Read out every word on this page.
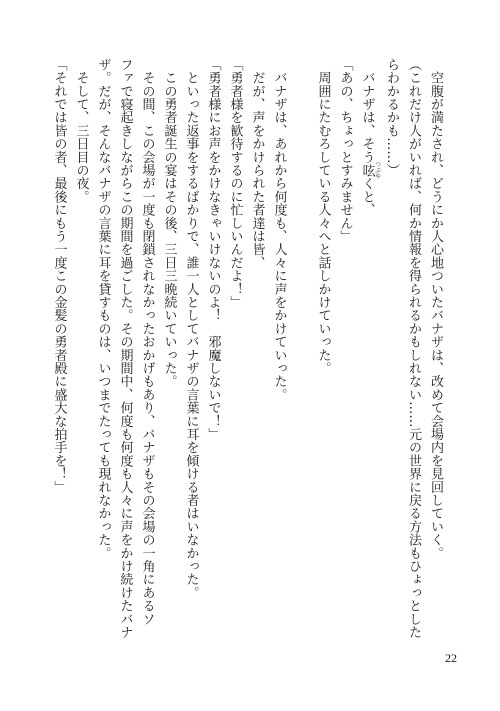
　空腹が満たされ、どうにか人心地ついたバナザは、改めて会場内を見回していく。
（これだけ人がいれば、何か情報を得られるかもしれない……元の世界に戻る方法もひょっとした
らわかるかも……）
　バナザは、そう呟 つぶやくと、
「あの、ちょっとすみません」
　周囲にたむろしている人々へと話しかけていった。
　バナザは、あれから何度も、人々に声をかけていった。
　だが、声をかけられた者達は皆、
「勇者様を歓待するのに忙しいんだよ！」
「勇者様にお声をかけなきゃいけないのよ！　邪魔しないで！」
　といった返事をするばかりで、誰一人としてバナザの言葉に耳を傾ける者はいなかった。
　この勇者誕生の宴はその後、三日三晩続いていった。
　その間、この会場が一度も閉鎖されなかったおかげもあり、バナザもその会場の一角にあるソ
ファで寝起きしながらこの期間を過ごした。その期間中、何度も何度も人々に声をかけ続けたバナ
ザ。だが、そんなバナザの言葉に耳を貸すものは、いつまでたっても現れなかった。
　そして、三日目の夜。
「それでは皆の者、最後にもう一度この金髪の勇者殿に盛大な拍手を！」
22
